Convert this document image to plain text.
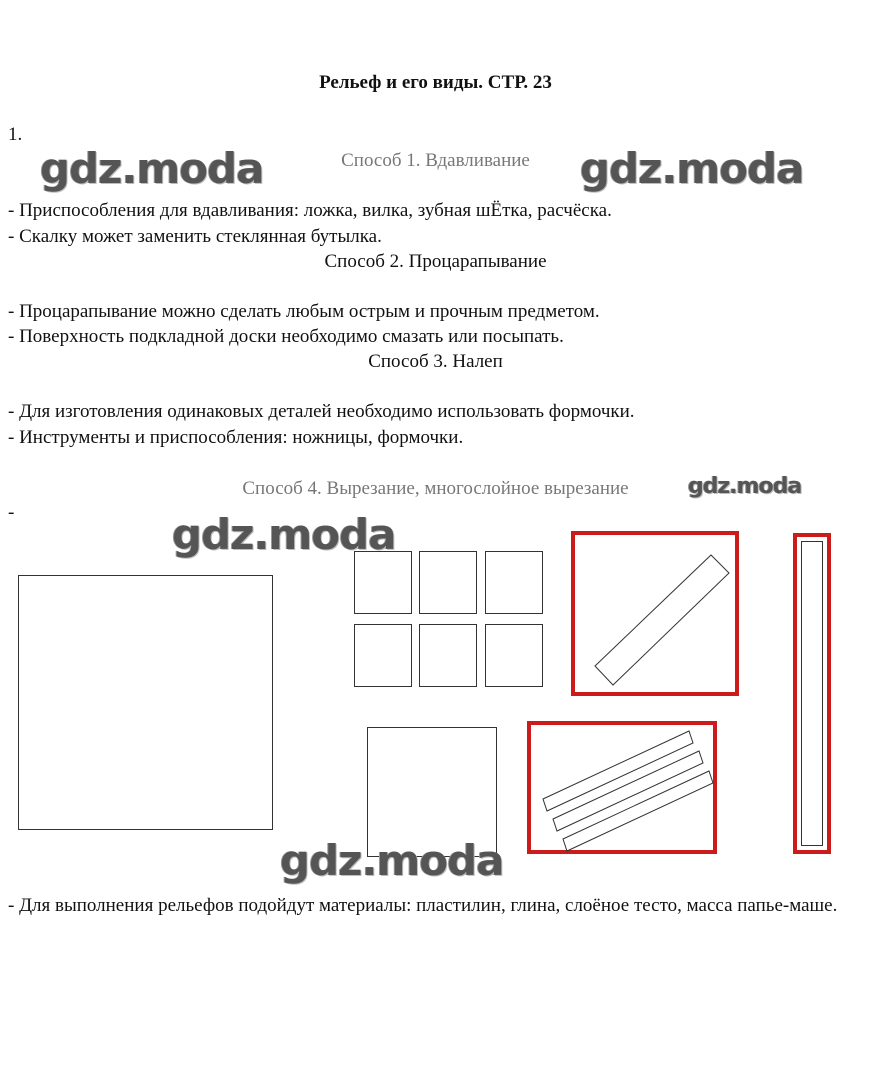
Рельеф и его виды. СТР. 23
1.
Способ 1. Вдавливание
- Приспособления для вдавливания: ложка, вилка, зубная шЁтка, расчёска.
- Скалку может заменить стеклянная бутылка.
Способ 2. Процарапывание
- Процарапывание можно сделать любым острым и прочным предметом.
- Поверхность подкладной доски необходимо смазать или посыпать.
Способ 3. Налеп
- Для изготовления одинаковых деталей необходимо использовать формочки.
- Инструменты и приспособления: ножницы, формочки.
Способ 4. Вырезание, многослойное вырезание
-
- Для выполнения рельефов подойдут материалы: пластилин, глина, слоёное тесто, масса папье-маше.
gdz.moda	gdz.moda
gdz.moda
gdz.moda
gdz.moda
